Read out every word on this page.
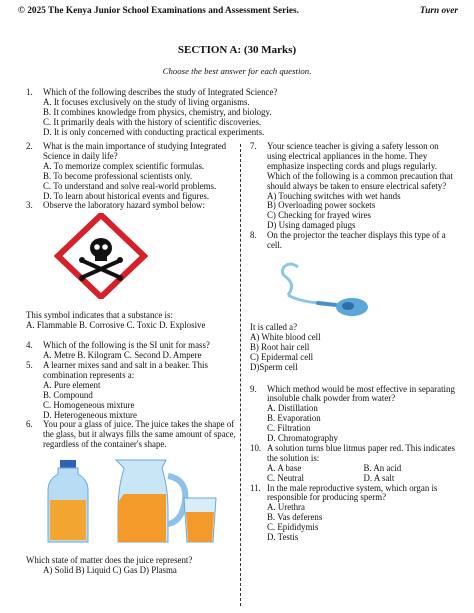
© 2025 The Kenya Junior School Examinations and Assessment Series.	Turn over
SECTION A: (30 Marks)
Choose the best answer for each question.
1. Which of the following describes the study of Integrated Science?
A. It focuses exclusively on the study of living organisms.
B. It combines knowledge from physics, chemistry, and biology.
C. It primarily deals with the history of scientific discoveries.
D. It is only concerned with conducting practical experiments.
2. What is the main importance of studying Integrated Science in daily life?
A. To memorize complex scientific formulas.
B. To become professional scientists only.
C. To understand and solve real-world problems.
D. To learn about historical events and figures.
3. Observe the laboratory hazard symbol below:
This symbol indicates that a substance is:
A. Flammable B. Corrosive C. Toxic D. Explosive
4. Which of the following is the SI unit for mass?
A. Metre B. Kilogram C. Second D. Ampere
5. A learner mixes sand and salt in a beaker. This combination represents a:
A. Pure element
B. Compound
C. Homogeneous mixture
D. Heterogeneous mixture
6. You pour a glass of juice. The juice takes the shape of the glass, but it always fills the same amount of space, regardless of the container's shape.
Which state of matter does the juice represent?
A) Solid B) Liquid C) Gas D) Plasma
7. Your science teacher is giving a safety lesson on using electrical appliances in the home. They emphasize inspecting cords and plugs regularly. Which of the following is a common precaution that should always be taken to ensure electrical safety?
A) Touching switches with wet hands
B) Overloading power sockets
C) Checking for frayed wires
D) Using damaged plugs
8. On the projector the teacher displays this type of a cell.
It is called a?
A) White blood cell
B) Root hair cell
C) Epidermal cell
D)Sperm cell
9. Which method would be most effective in separating insoluble chalk powder from water?
A. Distillation
B. Evaporation
C. Filtration
D. Chromatography
10. A solution turns blue litmus paper red. This indicates the solution is:
A. A base	B. An acid
C. Neutral	D. A salt
11. In the male reproductive system, which organ is responsible for producing sperm?
A. Urethra
B. Vas deferens
C. Epididymis
D. Testis
